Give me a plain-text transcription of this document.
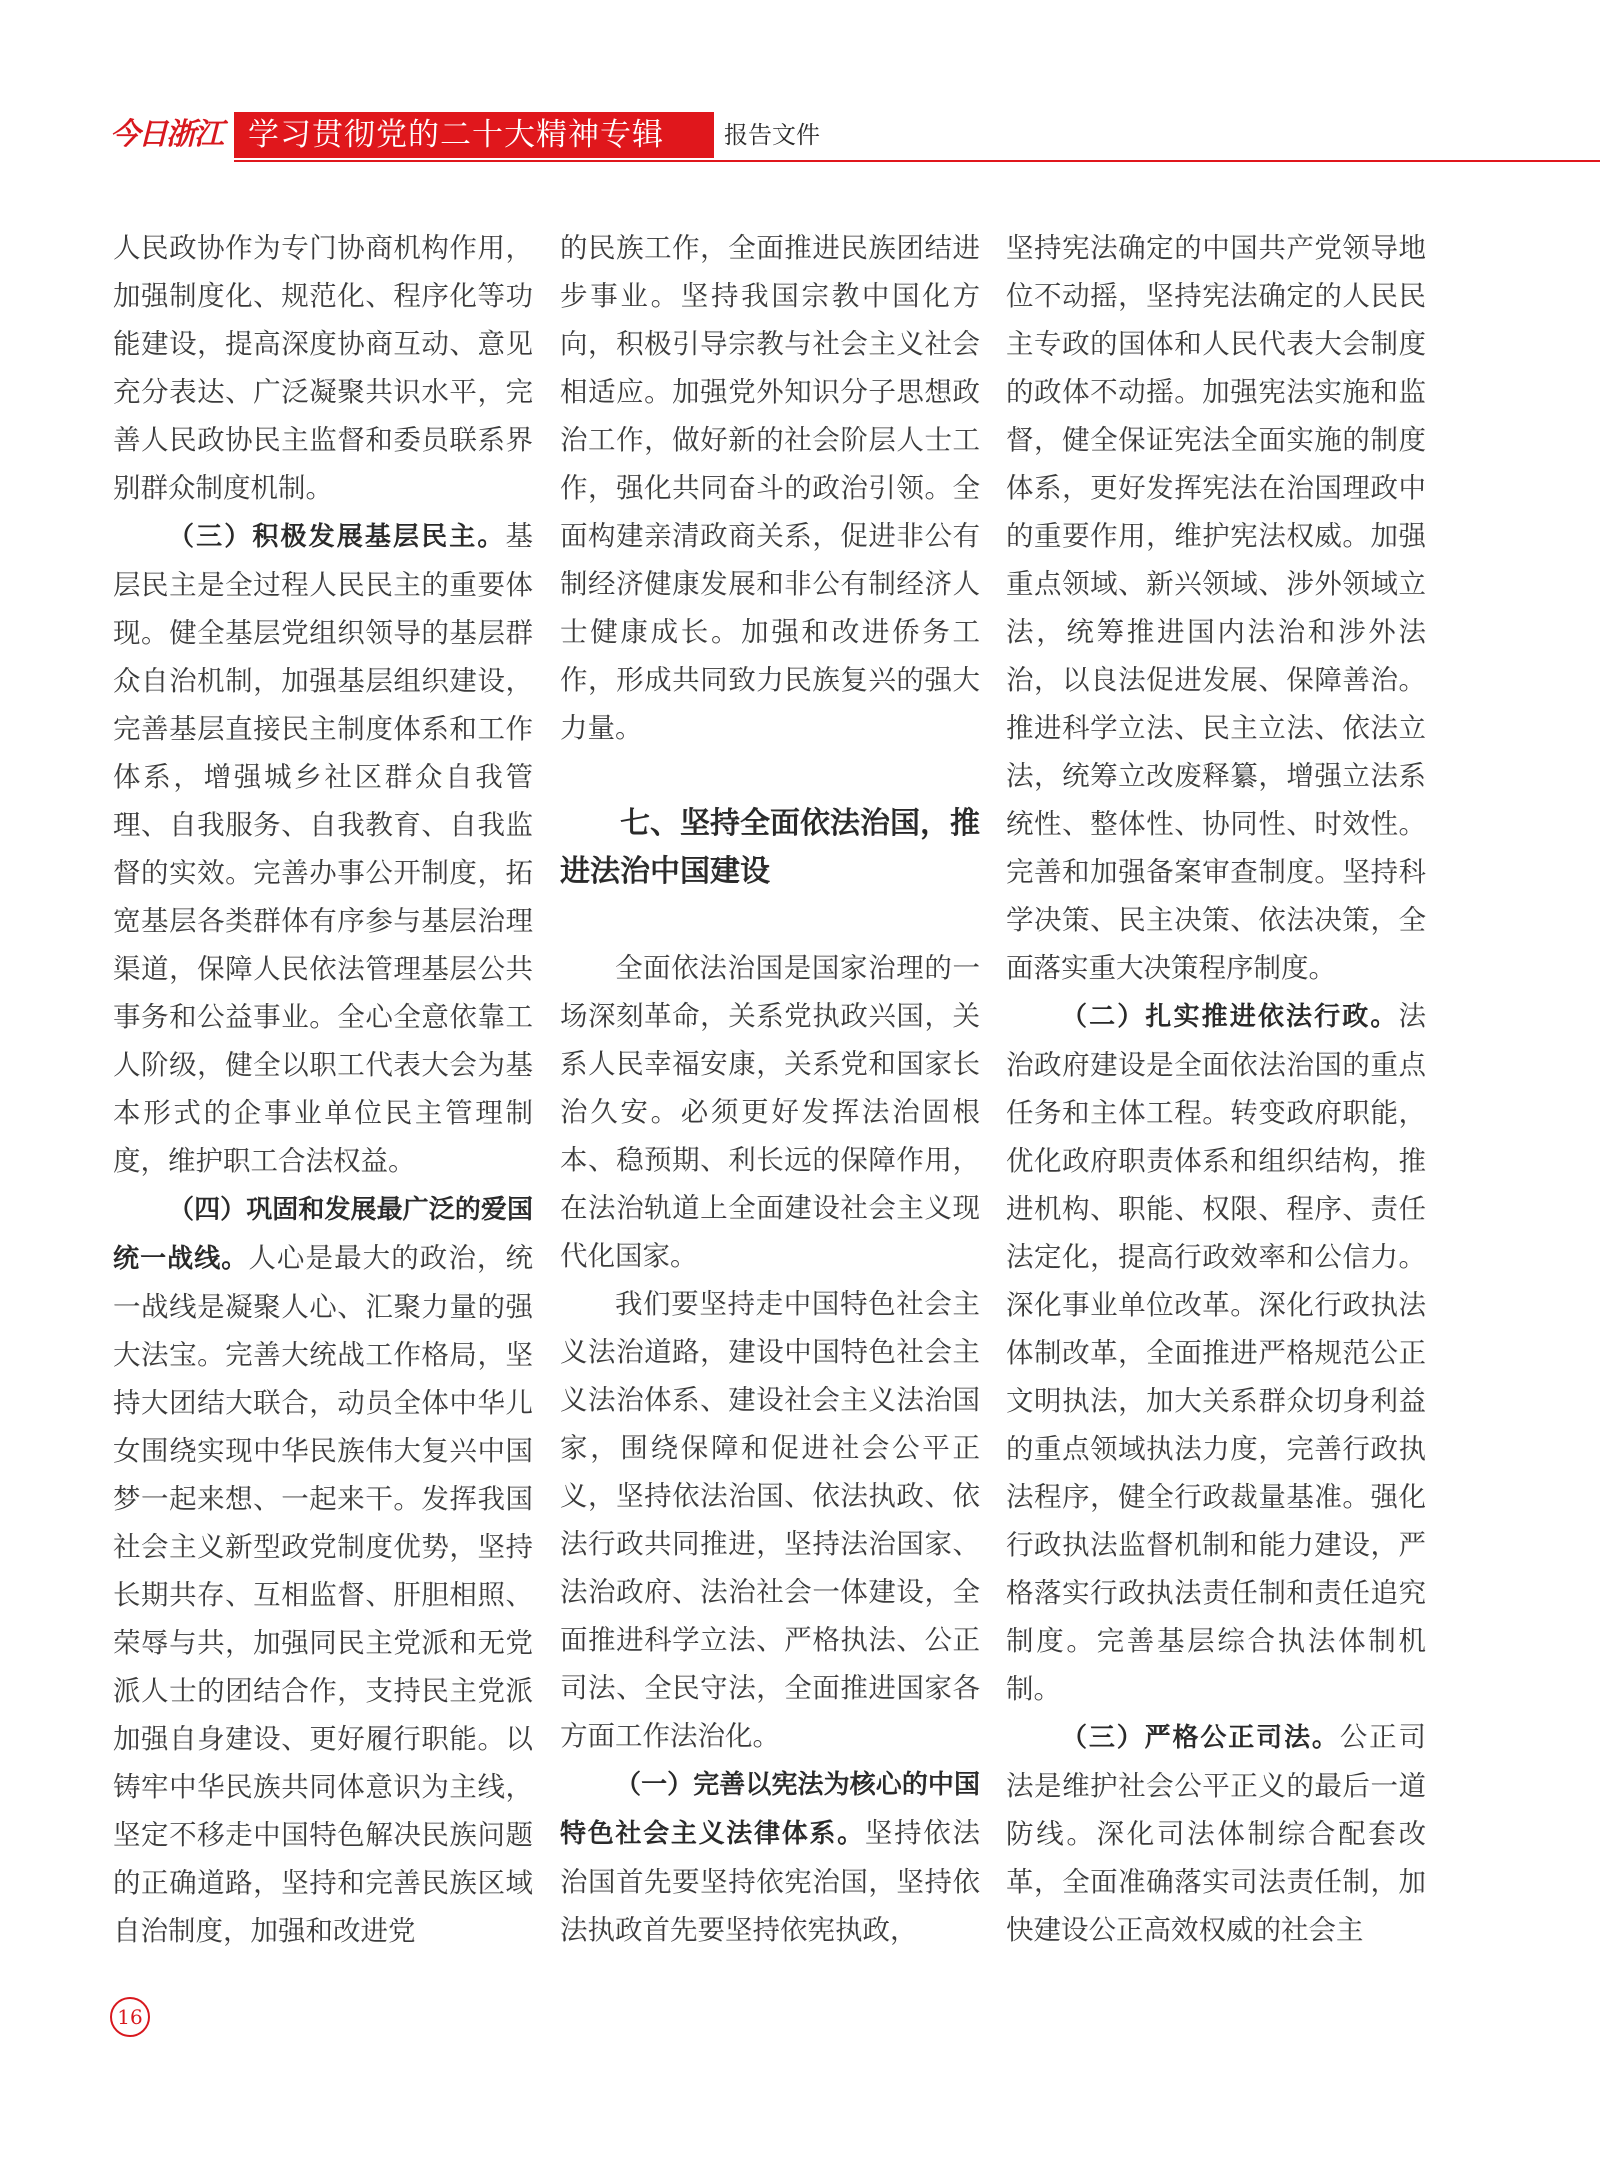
今日浙江 学习贯彻党的二十大精神专辑	报告文件

人民政协作为专门协商机构作用，加强制度化、规范化、程序化等功能建设，提高深度协商互动、意见充分表达、广泛凝聚共识水平，完善人民政协民主监督和委员联系界别群众制度机制。

（三）积极发展基层民主。基层民主是全过程人民民主的重要体现。健全基层党组织领导的基层群众自治机制，加强基层组织建设，完善基层直接民主制度体系和工作体系，增强城乡社区群众自我管理、自我服务、自我教育、自我监督的实效。完善办事公开制度，拓宽基层各类群体有序参与基层治理渠道，保障人民依法管理基层公共事务和公益事业。全心全意依靠工人阶级，健全以职工代表大会为基本形式的企事业单位民主管理制度，维护职工合法权益。

（四）巩固和发展最广泛的爱国统一战线。人心是最大的政治，统一战线是凝聚人心、汇聚力量的强大法宝。完善大统战工作格局，坚持大团结大联合，动员全体中华儿女围绕实现中华民族伟大复兴中国梦一起来想、一起来干。发挥我国社会主义新型政党制度优势，坚持长期共存、互相监督、肝胆相照、荣辱与共，加强同民主党派和无党派人士的团结合作，支持民主党派加强自身建设、更好履行职能。以铸牢中华民族共同体意识为主线，坚定不移走中国特色解决民族问题的正确道路，坚持和完善民族区域自治制度，加强和改进党

的民族工作，全面推进民族团结进步事业。坚持我国宗教中国化方向，积极引导宗教与社会主义社会相适应。加强党外知识分子思想政治工作，做好新的社会阶层人士工作，强化共同奋斗的政治引领。全面构建亲清政商关系，促进非公有制经济健康发展和非公有制经济人士健康成长。加强和改进侨务工作，形成共同致力民族复兴的强大力量。

七、坚持全面依法治国，推进法治中国建设

全面依法治国是国家治理的一场深刻革命，关系党执政兴国，关系人民幸福安康，关系党和国家长治久安。必须更好发挥法治固根本、稳预期、利长远的保障作用，在法治轨道上全面建设社会主义现代化国家。

我们要坚持走中国特色社会主义法治道路，建设中国特色社会主义法治体系、建设社会主义法治国家，围绕保障和促进社会公平正义，坚持依法治国、依法执政、依法行政共同推进，坚持法治国家、法治政府、法治社会一体建设，全面推进科学立法、严格执法、公正司法、全民守法，全面推进国家各方面工作法治化。

（一）完善以宪法为核心的中国特色社会主义法律体系。坚持依法治国首先要坚持依宪治国，坚持依法执政首先要坚持依宪执政，

坚持宪法确定的中国共产党领导地位不动摇，坚持宪法确定的人民民主专政的国体和人民代表大会制度的政体不动摇。加强宪法实施和监督，健全保证宪法全面实施的制度体系，更好发挥宪法在治国理政中的重要作用，维护宪法权威。加强重点领域、新兴领域、涉外领域立法，统筹推进国内法治和涉外法治，以良法促进发展、保障善治。推进科学立法、民主立法、依法立法，统筹立改废释纂，增强立法系统性、整体性、协同性、时效性。完善和加强备案审查制度。坚持科学决策、民主决策、依法决策，全面落实重大决策程序制度。

（二）扎实推进依法行政。法治政府建设是全面依法治国的重点任务和主体工程。转变政府职能，优化政府职责体系和组织结构，推进机构、职能、权限、程序、责任法定化，提高行政效率和公信力。深化事业单位改革。深化行政执法体制改革，全面推进严格规范公正文明执法，加大关系群众切身利益的重点领域执法力度，完善行政执法程序，健全行政裁量基准。强化行政执法监督机制和能力建设，严格落实行政执法责任制和责任追究制度。完善基层综合执法体制机制。

（三）严格公正司法。公正司法是维护社会公平正义的最后一道防线。深化司法体制综合配套改革，全面准确落实司法责任制，加快建设公正高效权威的社会主

16
